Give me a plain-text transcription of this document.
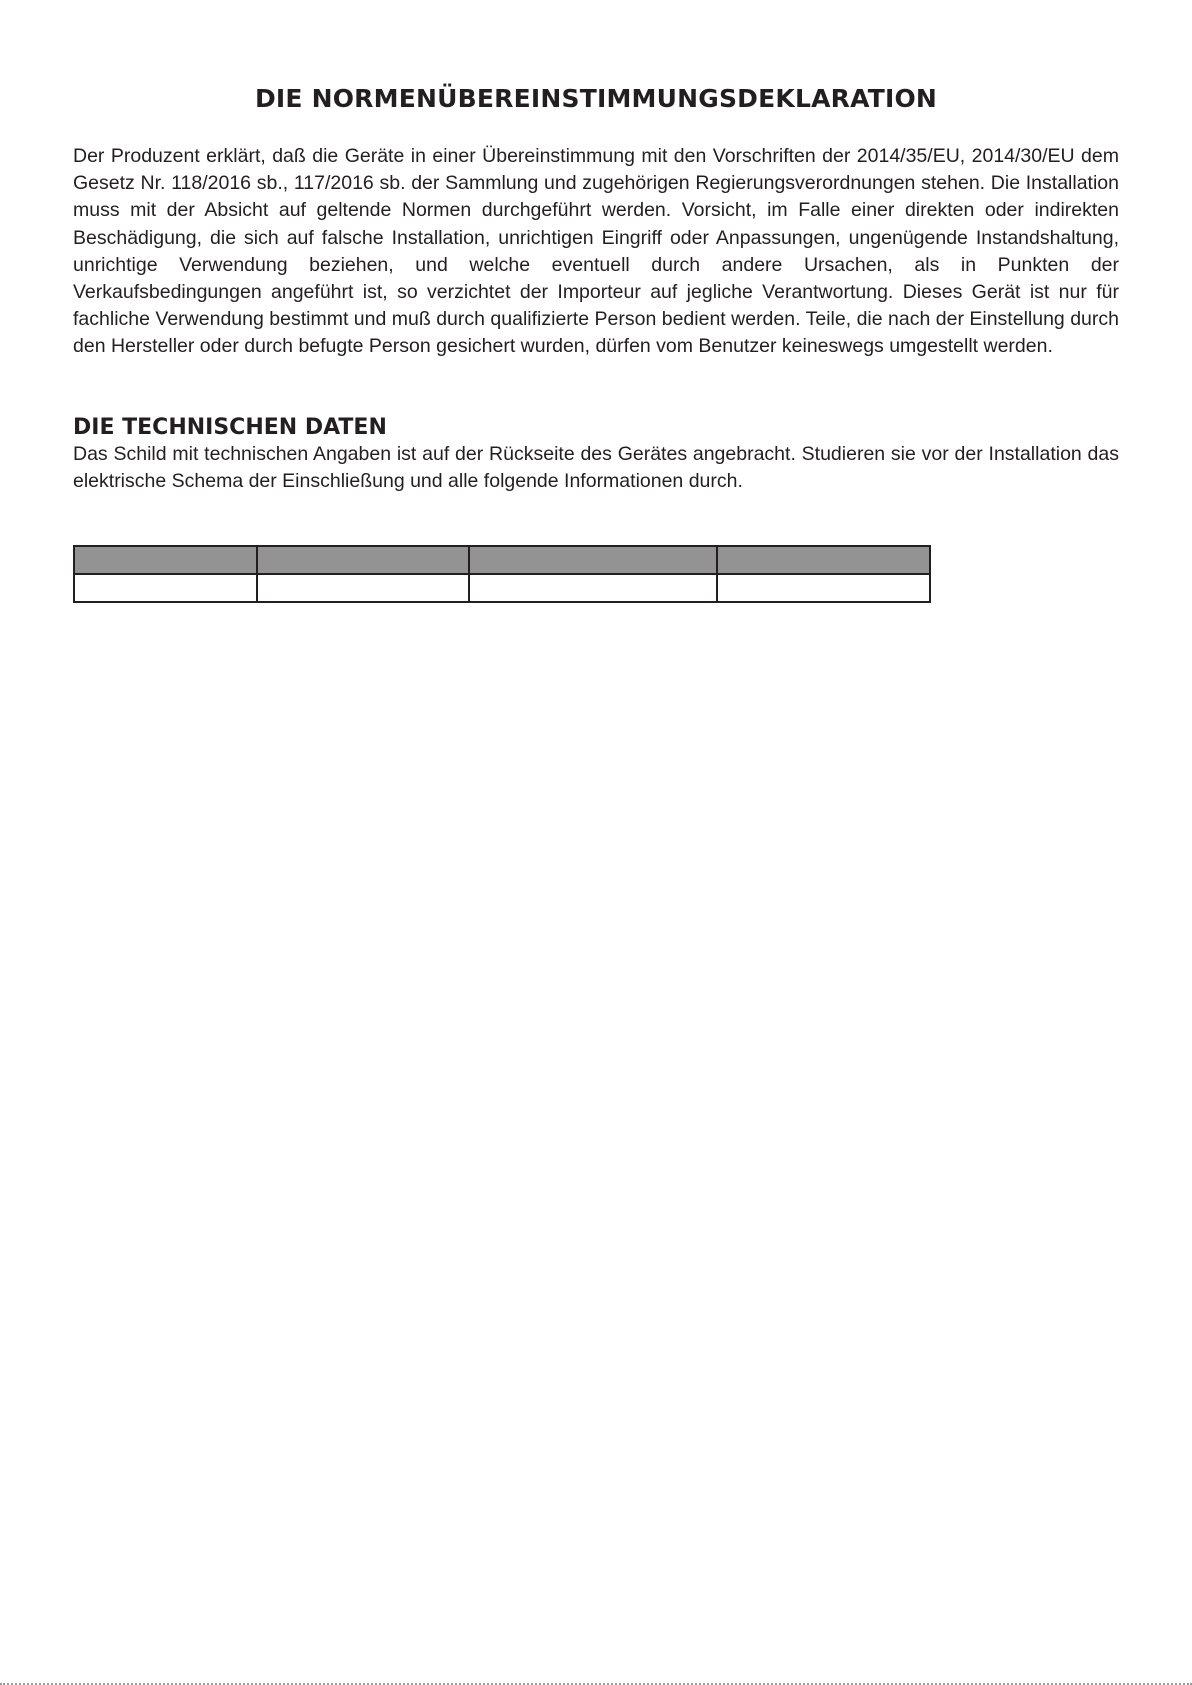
DIE NORMENÜBEREINSTIMMUNGSDEKLARATION

Der Produzent erklärt, daß die Geräte in einer Übereinstimmung mit den Vorschriften der 2014/35/EU, 2014/30/EU dem Gesetz Nr. 118/2016 sb., 117/2016 sb. der Sammlung und zugehörigen Regierungsverordnungen stehen. Die Installation muss mit der Absicht auf geltende Normen durchgeführt werden. Vorsicht, im Falle einer direkten oder indirekten Beschädigung, die sich auf falsche Installation, unrichtigen Eingriff oder Anpassungen, ungenügende Instandshaltung, unrichtige Verwendung beziehen, und welche eventuell durch andere Ursachen, als in Punkten der Verkaufsbedingungen angeführt ist, so verzichtet der Importeur auf jegliche Verantwortung. Dieses Gerät ist nur für fachliche Verwendung bestimmt und muß durch qualifizierte Person bedient werden. Teile, die nach der Einstellung durch den Hersteller oder durch befugte Person gesichert wurden, dürfen vom Benutzer keineswegs umgestellt werden.

DIE TECHNISCHEN DATEN

Das Schild mit technischen Angaben ist auf der Rückseite des Gerätes angebracht. Studieren sie vor der Installation das elektrische Schema der Einschließung und alle folgende Informationen durch.
